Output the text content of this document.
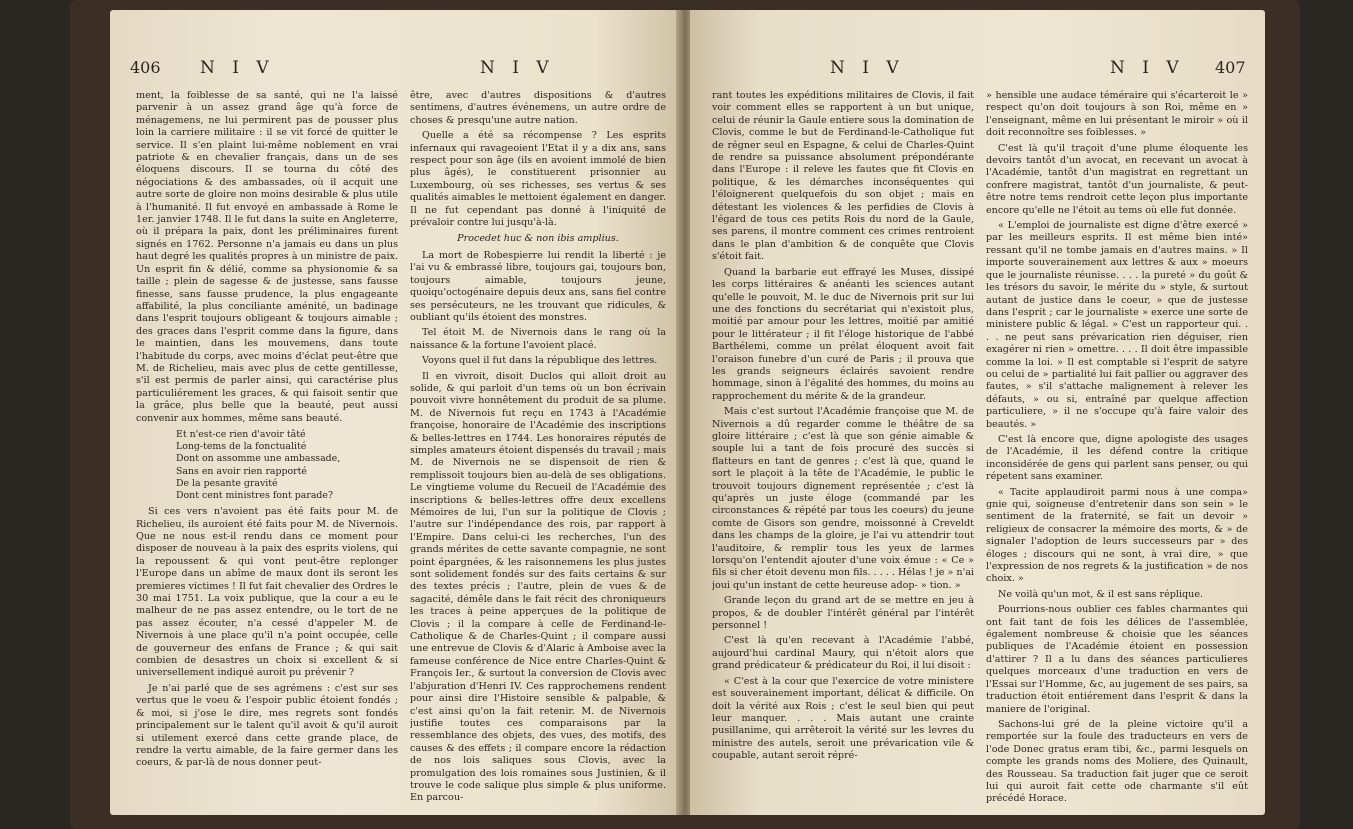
406 N I V	N I V

ment, la foiblesse de sa santé, qui ne l'a laissé parvenir à un assez grand âge qu'à force de ménagemens, ne lui permirent pas de pousser plus loin la carriere militaire : il se vit forcé de quitter le service. Il s'en plaint lui-même noblement en vrai patriote & en chevalier français, dans un de ses éloquens discours. Il se tourna du côté des négociations & des ambassades, où il acquit une autre sorte de gloire non moins desirable & plus utile à l'humanité. Il fut envoyé en ambassade à Rome le 1er. janvier 1748. Il le fut dans la suite en Angleterre, où il prépara la paix, dont les préliminaires furent signés en 1762. Personne n'a jamais eu dans un plus haut degré les qualités propres à un ministre de paix. Un esprit fin & délié, comme sa physionomie & sa taille ; plein de sagesse & de justesse, sans fausse finesse, sans fausse prudence, la plus engageante affabilité, la plus conciliante aménité, un badinage dans l'esprit toujours obligeant & toujours aimable ; des graces dans l'esprit comme dans la figure, dans le maintien, dans les mouvemens, dans toute l'habitude du corps, avec moins d'éclat peut-être que M. de Richelieu, mais avec plus de cette gentillesse, s'il est permis de parler ainsi, qui caractérise plus particuliérement les graces, & qui faisoit sentir que la grâce, plus belle que la beauté, peut aussi convenir aux hommes, même sans beauté.

Et n'est-ce rien d'avoir tâté
Long-tems de la fonctualité
Dont on assomme une ambassade,
Sans en avoir rien rapporté
De la pesante gravité
Dont cent ministres font parade?

Si ces vers n'avoient pas été faits pour M. de Richelieu, ils auroient été faits pour M. de Nivernois. Que ne nous est-il rendu dans ce moment pour disposer de nouveau à la paix des esprits violens, qui la repoussent & qui vont peut-être replonger l'Europe dans un abîme de maux dont ils seront les premieres victimes ! Il fut fait chevalier des Ordres le 30 mai 1751. La voix publique, que la cour a eu le malheur de ne pas assez entendre, ou le tort de ne pas assez écouter, n'a cessé d'appeler M. de Nivernois à une place qu'il n'a point occupée, celle de gouverneur des enfans de France ; & qui sait combien de desastres un choix si excellent & si universellement indiqué auroit pu prévenir ?

Je n'ai parlé que de ses agrémens : c'est sur ses vertus que le voeu & l'espoir public étoient fondés ; & moi, si j'ose le dire, mes regrets sont fondés principalement sur le talent qu'il avoit & qu'il auroit si utilement exercé dans cette grande place, de rendre la vertu aimable, de la faire germer dans les coeurs, & par-là de nous donner peut-

être, avec d'autres dispositions & d'autres sentimens, d'autres événemens, un autre ordre de choses & presqu'une autre nation.

Quelle a été sa récompense ? Les esprits infernaux qui ravageoient l'Etat il y a dix ans, sans respect pour son âge (ils en avoient immolé de bien plus âgés), le constituerent prisonnier au Luxembourg, où ses richesses, ses vertus & ses qualités aimables le mettoient également en danger. Il ne fut cependant pas donné à l'iniquité de prévaloir contre lui jusqu'à-là.

Procedet huc & non ibis amplius.

La mort de Robespierre lui rendit la liberté : je l'ai vu & embrassé libre, toujours gai, toujours bon, toujours aimable, toujours jeune, quoiqu'octogénaire depuis deux ans, sans fiel contre ses persécuteurs, ne les trouvant que ridicules, & oubliant qu'ils étoient des monstres.

Tel étoit M. de Nivernois dans le rang où la naissance & la fortune l'avoient placé.

Voyons quel il fut dans la république des lettres.

Il en vivroit, disoit Duclos qui alloit droit au solide, & qui parloit d'un tems où un bon écrivain pouvoit vivre honnêtement du produit de sa plume. M. de Nivernois fut reçu en 1743 à l'Académie françoise, honoraire de l'Académie des inscriptions & belles-lettres en 1744. Les honoraires réputés de simples amateurs étoient dispensés du travail ; mais M. de Nivernois ne se dispensoit de rien & remplissoit toujours bien au-delà de ses obligations. Le vingtieme volume du Recueil de l'Académie des inscriptions & belles-lettres offre deux excellens Mémoires de lui, l'un sur la politique de Clovis ; l'autre sur l'indépendance des rois, par rapport à l'Empire. Dans celui-ci les recherches, l'un des grands mérites de cette savante compagnie, ne sont point épargnées, & les raisonnemens les plus justes sont solidement fondés sur des faits certains & sur des textes précis ; l'autre, plein de vues & de sagacité, démêle dans le fait récit des chroniqueurs les traces à peine apperçues de la politique de Clovis ; il la compare à celle de Ferdinand-le-Catholique & de Charles-Quint ; il compare aussi une entrevue de Clovis & d'Alaric à Amboise avec la fameuse conférence de Nice entre Charles-Quint & François Ier., & surtout la conversion de Clovis avec l'abjuration d'Henri IV. Ces rapprochemens rendent pour ainsi dire l'Histoire sensible & palpable, & c'est ainsi qu'on la fait retenir. M. de Nivernois justifie toutes ces comparaisons par la ressemblance des objets, des vues, des motifs, des causes & des effets ; il compare encore la rédaction de nos lois saliques sous Clovis, avec la promulgation des lois romaines sous Justinien, & il trouve le code salique plus simple & plus uniforme. En parcou-

N I V	N I V 407

rant toutes les expéditions militaires de Clovis, il fait voir comment elles se rapportent à un but unique, celui de réunir la Gaule entiere sous la domination de Clovis, comme le but de Ferdinand-le-Catholique fut de régner seul en Espagne, & celui de Charles-Quint de rendre sa puissance absolument prépondérante dans l'Europe : il releve les fautes que fit Clovis en politique, & les démarches inconséquentes qui l'éloignerent quelquefois du son objet ; mais en détestant les violences & les perfidies de Clovis à l'égard de tous ces petits Rois du nord de la Gaule, ses parens, il montre comment ces crimes rentroient dans le plan d'ambition & de conquête que Clovis s'étoit fait.

Quand la barbarie eut effrayé les Muses, dissipé les corps littéraires & anéanti les sciences autant qu'elle le pouvoit, M. le duc de Nivernois prit sur lui une des fonctions du secrétariat qui n'existoit plus, moitié par amour pour les lettres, moitié par amitié pour le littérateur ; il fit l'éloge historique de l'abbé Barthélemi, comme un prélat éloquent avoit fait l'oraison funebre d'un curé de Paris ; il prouva que les grands seigneurs éclairés savoient rendre hommage, sinon à l'égalité des hommes, du moins au rapprochement du mérite & de la grandeur.

Mais c'est surtout l'Académie françoise que M. de Nivernois a dû regarder comme le théâtre de sa gloire littéraire ; c'est là que son génie aimable & souple lui a tant de fois procuré des succès si flatteurs en tant de genres ; c'est là que, quand le sort le plaçoit à la tête de l'Académie, le public le trouvoit toujours dignement représentée ; c'est là qu'après un juste éloge (commandé par les circonstances & répété par tous les coeurs) du jeune comte de Gisors son gendre, moissonné à Creveldt dans les champs de la gloire, je l'ai vu attendrir tout l'auditoire, & remplir tous les yeux de larmes lorsqu'on l'entendit ajouter d'une voix émue : « Ce » fils si cher étoit devenu mon fils. . . . . Hélas ! je » n'ai joui qu'un instant de cette heureuse adop- » tion. »

Grande leçon du grand art de se mettre en jeu à propos, & de doubler l'intérêt général par l'intérêt personnel !

C'est là qu'en recevant à l'Académie l'abbé, aujourd'hui cardinal Maury, qui n'étoit alors que grand prédicateur & prédicateur du Roi, il lui disoit :

« C'est à la cour que l'exercice de votre ministere est souverainement important, délicat & difficile. On doit la vérité aux Rois ; c'est le seul bien qui peut leur manquer. . . . Mais autant une crainte pusillanime, qui arrêteroit la vérité sur les levres du ministre des autels, seroit une prévarication vile & coupable, autant seroit répré-

» hensible une audace téméraire qui s'écarteroit le » respect qu'on doit toujours à son Roi, même en » l'enseignant, même en lui présentant le miroir » où il doit reconnoître ses foiblesses. »

C'est là qu'il traçoit d'une plume éloquente les devoirs tantôt d'un avocat, en recevant un avocat à l'Académie, tantôt d'un magistrat en regrettant un confrere magistrat, tantôt d'un journaliste, & peut-être notre tems rendroit cette leçon plus importante encore qu'elle ne l'étoit au tems où elle fut donnée.

« L'emploi de journaliste est digne d'être exercé » par les meilleurs esprits. Il est même bien inté» ressant qu'il ne tombe jamais en d'autres mains. » Il importe souverainement aux lettres & aux » moeurs que le journaliste réunisse. . . . la pureté » du goût & les trésors du savoir, le mérite du » style, & surtout autant de justice dans le coeur, » que de justesse dans l'esprit ; car le journaliste » exerce une sorte de ministere public & légal. » C'est un rapporteur qui. . . . ne peut sans prévarication rien déguiser, rien exagérer ni rien » omettre. . . . Il doit être impassible comme la loi. » Il est comptable si l'esprit de satyre ou celui de » partialité lui fait pallier ou aggraver des fautes, » s'il s'attache malignement à relever les défauts, » ou si, entraîné par quelque affection particuliere, » il ne s'occupe qu'à faire valoir des beautés. »

C'est là encore que, digne apologiste des usages de l'Académie, il les défend contre la critique inconsidérée de gens qui parlent sans penser, ou qui répetent sans examiner.

« Tacite applaudiroit parmi nous à une compa» gnie qui, soigneuse d'entretenir dans son sein » le sentiment de la fraternité, se fait un devoir » religieux de consacrer la mémoire des morts, & » de signaler l'adoption de leurs successeurs par » des éloges ; discours qui ne sont, à vrai dire, » que l'expression de nos regrets & la justification » de nos choix. »

Ne voilà qu'un mot, & il est sans réplique.

Pourrions-nous oublier ces fables charmantes qui ont fait tant de fois les délices de l'assemblée, également nombreuse & choisie que les séances publiques de l'Académie étoient en possession d'attirer ? Il a lu dans des séances particulieres quelques morceaux d'une traduction en vers de l'Essai sur l'Homme, &c, au jugement de ses pairs, sa traduction étoit entiérement dans l'esprit & dans la maniere de l'original.

Sachons-lui gré de la pleine victoire qu'il a remportée sur la foule des traducteurs en vers de l'ode Donec gratus eram tibi, &c., parmi lesquels on compte les grands noms des Moliere, des Quinault, des Rousseau. Sa traduction fait juger que ce seroit lui qui auroit fait cette ode charmante s'il eût précédé Horace.
